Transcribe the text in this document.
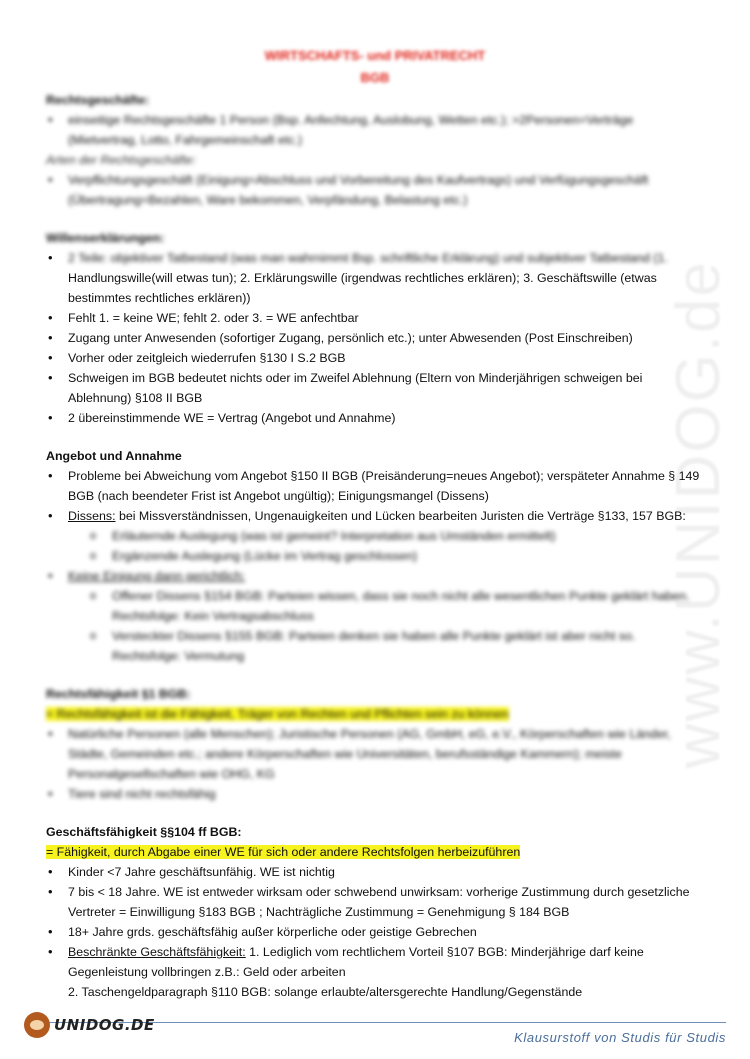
WIRTSCHAFTS- und PRIVATRECHT
BGB
www.UNIDOG.de

Rechtsgeschäfte:

• einseitige Rechtsgeschäfte 1 Person (Bsp. Anfechtung, Auslobung, Wetten etc.); >2Personen=Verträge (Mietvertrag, Lotto, Fahrgemeinschaft etc.)

Arten der Rechtsgeschäfte:

• Verpflichtungsgeschäft (Einigung=Abschluss und Vorbereitung des Kaufvertrags) und Verfügungsgeschäft (Übertragung=Bezahlen, Ware bekommen, Verpfändung, Belastung etc.)

Willenserklärungen:

• 2 Teile: objektiver Tatbestand (was man wahrnimmt Bsp. schriftliche Erklärung) und subjektiver Tatbestand (1.
Handlungswille(will etwas tun); 2. Erklärungswille (irgendwas rechtliches erklären); 3. Geschäftswille (etwas bestimmtes rechtliches erklären))
• Fehlt 1. = keine WE; fehlt 2. oder 3. = WE anfechtbar
• Zugang unter Anwesenden (sofortiger Zugang, persönlich etc.); unter Abwesenden (Post Einschreiben)
• Vorher oder zeitgleich wiederrufen §130 I S.2 BGB
• Schweigen im BGB bedeutet nichts oder im Zweifel Ablehnung (Eltern von Minderjährigen schweigen bei Ablehnung) §108 II BGB
• 2 übereinstimmende WE = Vertrag (Angebot und Annahme)

Angebot und Annahme

• Probleme bei Abweichung vom Angebot §150 II BGB (Preisänderung=neues Angebot); verspäteter Annahme § 149 BGB (nach beendeter Frist ist Angebot ungültig); Einigungsmangel (Dissens)
• Dissens: bei Missverständnissen, Ungenauigkeiten und Lücken bearbeiten Juristen die Verträge §133, 157 BGB:
o Erläuternde Auslegung (was ist gemeint? Interpretation aus Umständen ermittelt)
o Ergänzende Auslegung (Lücke im Vertrag geschlossen)
• Keine Einigung dann gerichtlich:
o Offener Dissens §154 BGB: Parteien wissen, dass sie noch nicht alle wesentlichen Punkte geklärt haben. Rechtsfolge: Kein Vertragsabschluss
o Versteckter Dissens §155 BGB: Parteien denken sie haben alle Punkte geklärt ist aber nicht so. Rechtsfolge: Vermutung

Rechtsfähigkeit §1 BGB:

= Rechtsfähigkeit ist die Fähigkeit, Träger von Rechten und Pflichten sein zu können

• Natürliche Personen (alle Menschen); Juristische Personen (AG, GmbH, eG, e.V., Körperschaften wie Länder, Städte, Gemeinden etc.; andere Körperschaften wie Universitäten, berufsständige Kammern); meiste Personalgesellschaften wie OHG, KG
• Tiere sind nicht rechtsfähig

Geschäftsfähigkeit §§104 ff BGB:

= Fähigkeit, durch Abgabe einer WE für sich oder andere Rechtsfolgen herbeizuführen

• Kinder <7 Jahre geschäftsunfähig. WE ist nichtig
• 7 bis < 18 Jahre. WE ist entweder wirksam oder schwebend unwirksam: vorherige Zustimmung durch gesetzliche Vertreter = Einwilligung §183 BGB ; Nachträgliche Zustimmung = Genehmigung § 184 BGB
• 18+ Jahre grds. geschäftsfähig außer körperliche oder geistige Gebrechen
• Beschränkte Geschäftsfähigkeit: 1. Lediglich vom rechtlichem Vorteil §107 BGB: Minderjährige darf keine Gegenleistung vollbringen z.B.: Geld oder arbeiten
2. Taschengeldparagraph §110 BGB: solange erlaubte/altersgerechte Handlung/Gegenstände
UNIDOG.DE
Klausurstoff von Studis für Studis
